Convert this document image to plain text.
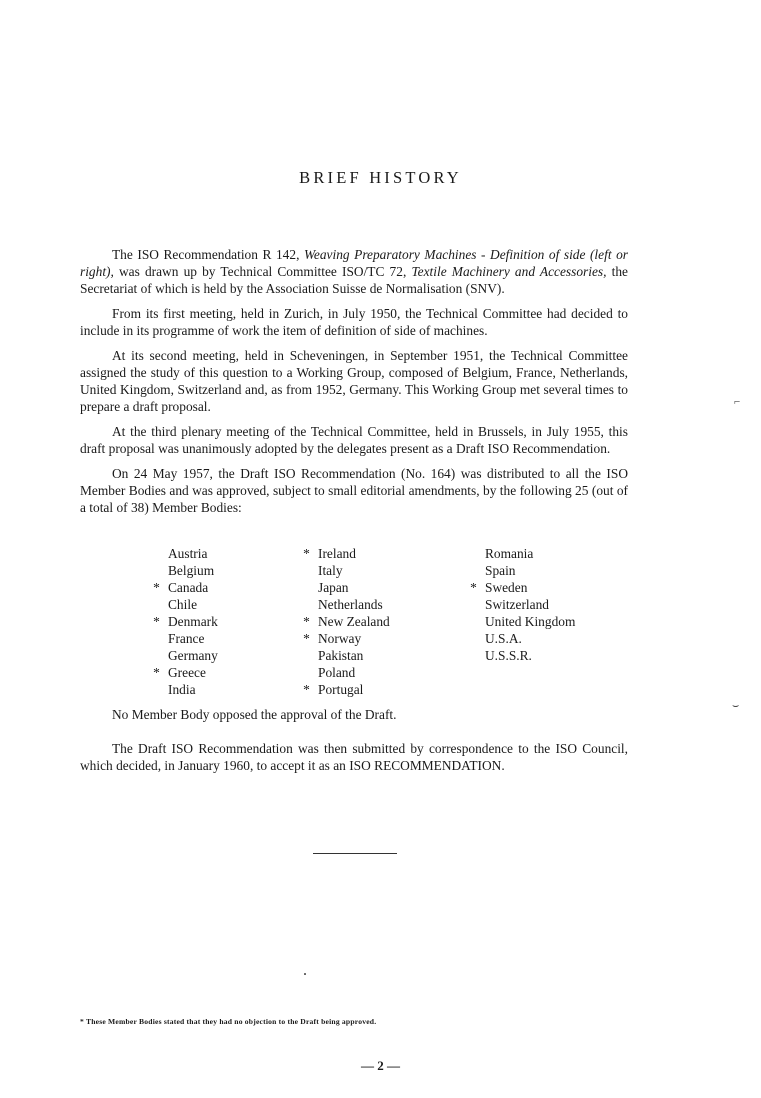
BRIEF HISTORY

The ISO Recommendation R 142, Weaving Preparatory Machines - Definition of side (left or right), was drawn up by Technical Committee ISO/TC 72, Textile Machinery and Accessories, the Secretariat of which is held by the Association Suisse de Normalisation (SNV).

From its first meeting, held in Zurich, in July 1950, the Technical Committee had decided to include in its programme of work the item of definition of side of machines.

At its second meeting, held in Scheveningen, in September 1951, the Technical Committee assigned the study of this question to a Working Group, composed of Belgium, France, Netherlands, United Kingdom, Switzerland and, as from 1952, Germany. This Working Group met several times to prepare a draft proposal.

At the third plenary meeting of the Technical Committee, held in Brussels, in July 1955, this draft proposal was unanimously adopted by the delegates present as a Draft ISO Recommendation.

On 24 May 1957, the Draft ISO Recommendation (No. 164) was distributed to all the ISO Member Bodies and was approved, subject to small editorial amendments, by the following 25 (out of a total of 38) Member Bodies:

Austria
Belgium
* Canada
Chile
* Denmark
France
Germany
* Greece
India
* Ireland
Italy
Japan
Netherlands
* New Zealand
* Norway
Pakistan
Poland
* Portugal
Romania
Spain
* Sweden
Switzerland
United Kingdom
U.S.A.
U.S.S.R.
No Member Body opposed the approval of the Draft.

The Draft ISO Recommendation was then submitted by correspondence to the ISO Council, which decided, in January 1960, to accept it as an ISO RECOMMENDATION.

* These Member Bodies stated that they had no objection to the Draft being approved.
— 2 —
⌐
⌣
